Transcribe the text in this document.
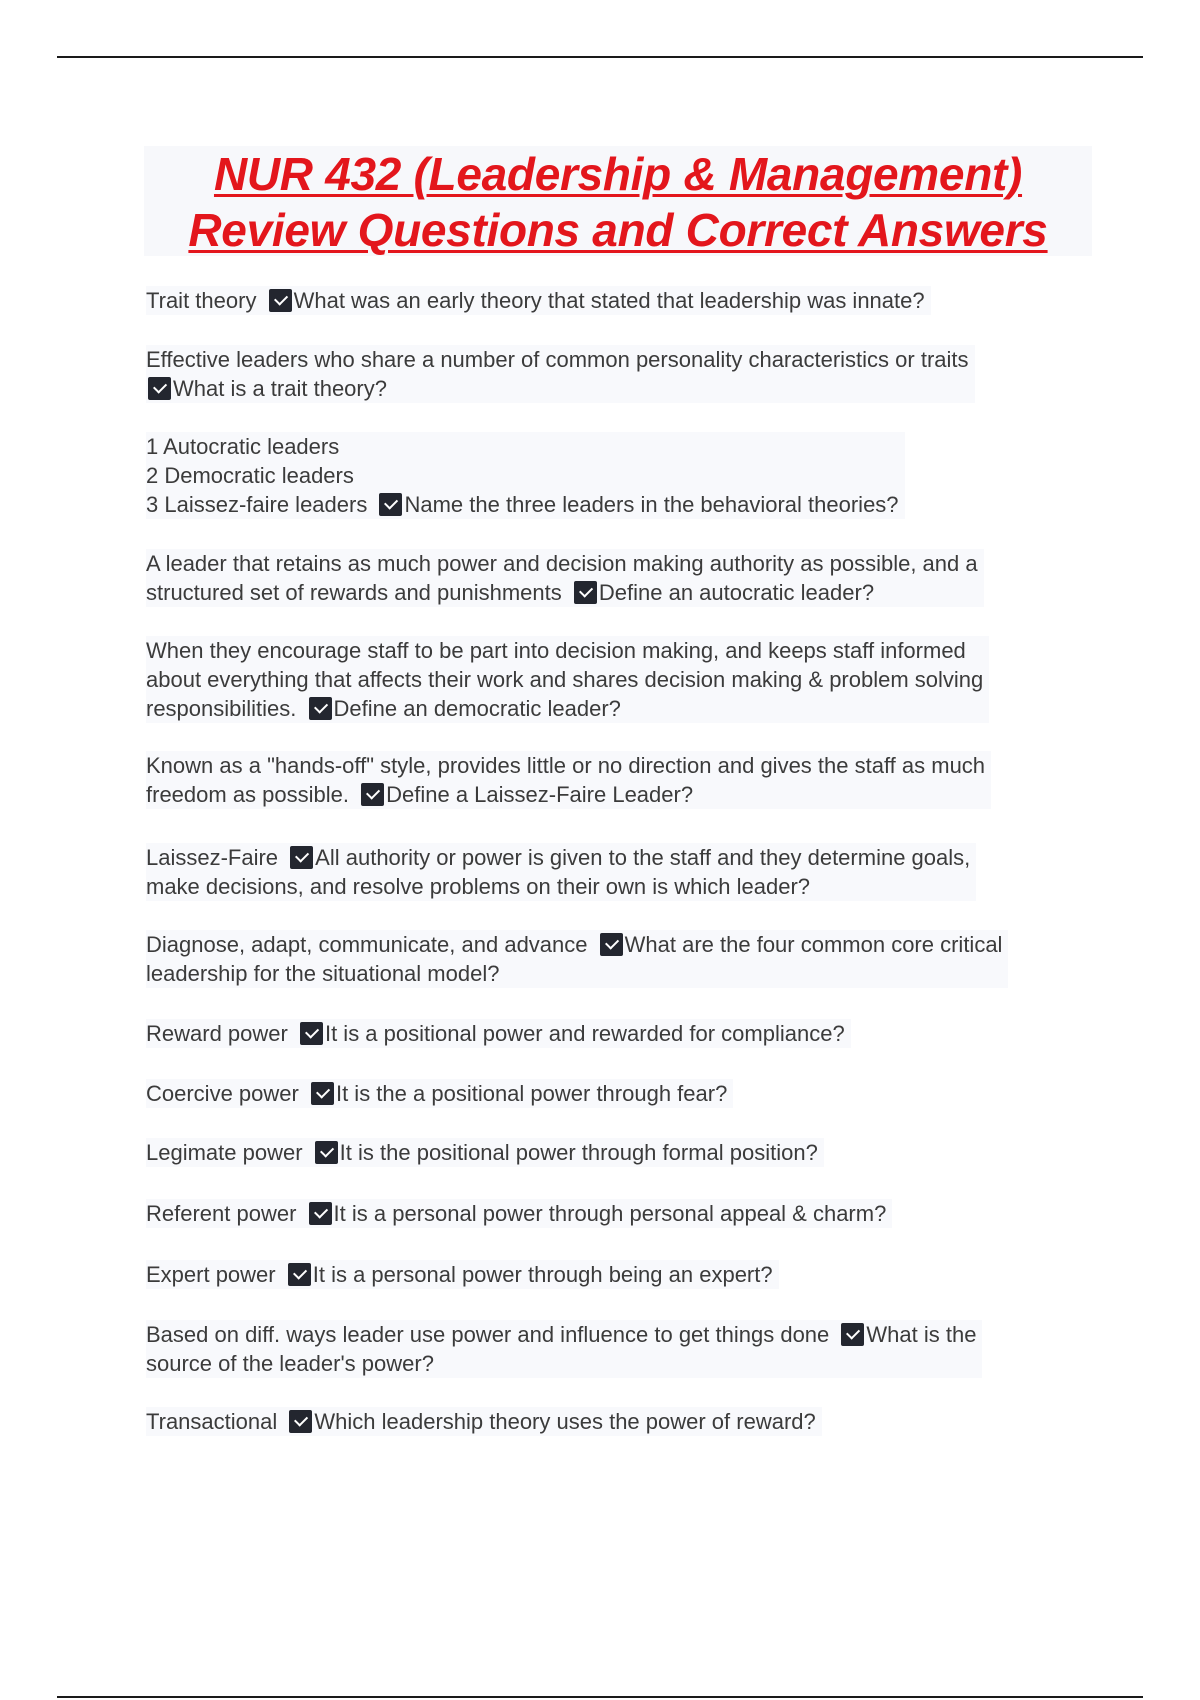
NUR 432 (Leadership & Management)
Review Questions and Correct Answers
Trait theory What was an early theory that stated that leadership was innate?
Effective leaders who share a number of common personality characteristics or traits
What is a trait theory?
1 Autocratic leaders
2 Democratic leaders
3 Laissez-faire leaders Name the three leaders in the behavioral theories?
A leader that retains as much power and decision making authority as possible, and a
structured set of rewards and punishments Define an autocratic leader?
When they encourage staff to be part into decision making, and keeps staff informed
about everything that affects their work and shares decision making & problem solving
responsibilities. Define an democratic leader?
Known as a "hands-off" style, provides little or no direction and gives the staff as much
freedom as possible. Define a Laissez-Faire Leader?
Laissez-Faire All authority or power is given to the staff and they determine goals,
make decisions, and resolve problems on their own is which leader?
Diagnose, adapt, communicate, and advance What are the four common core critical
leadership for the situational model?
Reward power It is a positional power and rewarded for compliance?
Coercive power It is the a positional power through fear?
Legimate power It is the positional power through formal position?
Referent power It is a personal power through personal appeal & charm?
Expert power It is a personal power through being an expert?
Based on diff. ways leader use power and influence to get things done What is the
source of the leader's power?
Transactional Which leadership theory uses the power of reward?
